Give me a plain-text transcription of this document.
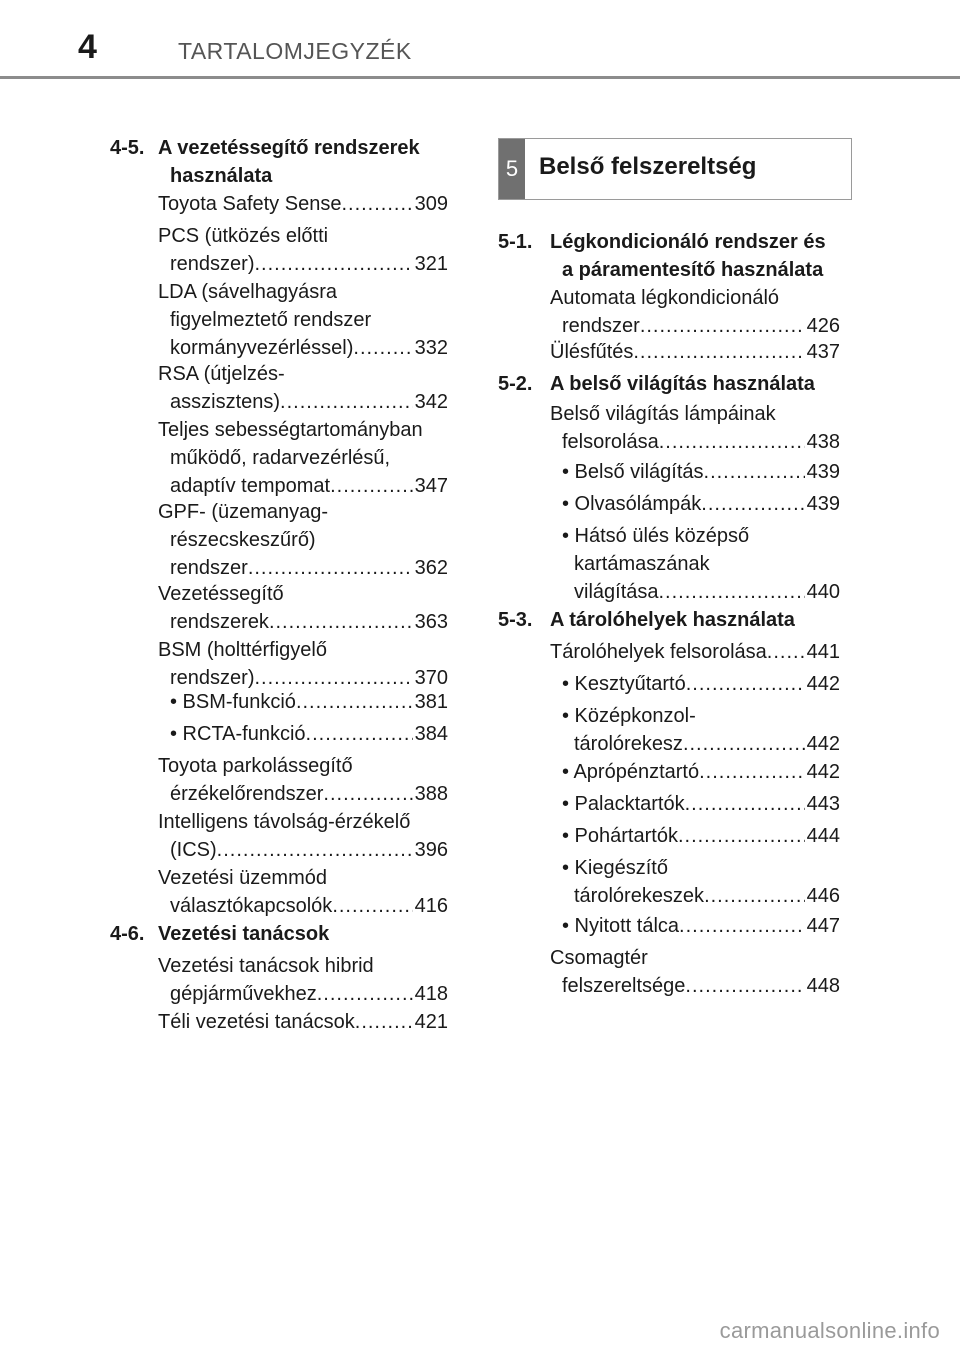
4	TARTALOMJEGYZÉK
4-5. A vezetéssegítő rendszerek
használata
Toyota Safety Sense .....	309
PCS (ütközés előtti
rendszer) .....	321
LDA (sávelhagyásra
figyelmeztető rendszer
kormányvezérléssel) .....	332
RSA (útjelzés-
asszisztens) .....	342
Teljes sebességtartományban
működő, radarvezérlésű,
adaptív tempomat .....	347
GPF- (üzemanyag-
részecskeszűrő)
rendszer .....	362
Vezetéssegítő
rendszerek .....	363
BSM (holttérfigyelő
rendszer) .....	370
• BSM-funkció .....	381
• RCTA-funkció .....	384
Toyota parkolássegítő
érzékelőrendszer .....	388
Intelligens távolság-érzékelő
(ICS) .....	396
Vezetési üzemmód
választókapcsolók .....	416
4-6. Vezetési tanácsok
Vezetési tanácsok hibrid
gépjárművekhez .....	418
Téli vezetési tanácsok .....	421
5 Belső felszereltség
5-1. Légkondicionáló rendszer és
a páramentesítő használata
Automata légkondicionáló
rendszer .....	426
Ülésfűtés .....	437
5-2. A belső világítás használata
Belső világítás lámpáinak
felsorolása .....	438
• Belső világítás .....	439
• Olvasólámpák .....	439
• Hátsó ülés középső
kartámaszának
világítása .....	440
5-3. A tárolóhelyek használata
Tárolóhelyek felsorolása ..... 441
• Kesztyűtartó .....	442
• Középkonzol-
tárolórekesz .....	442
• Aprópénztartó .....	442
• Palacktartók .....	443
• Pohártartók .....	444
• Kiegészítő
tárolórekeszek .....	446
• Nyitott tálca .....	447
Csomagtér
felszereltsége .....	448
carmanualsonline.info
